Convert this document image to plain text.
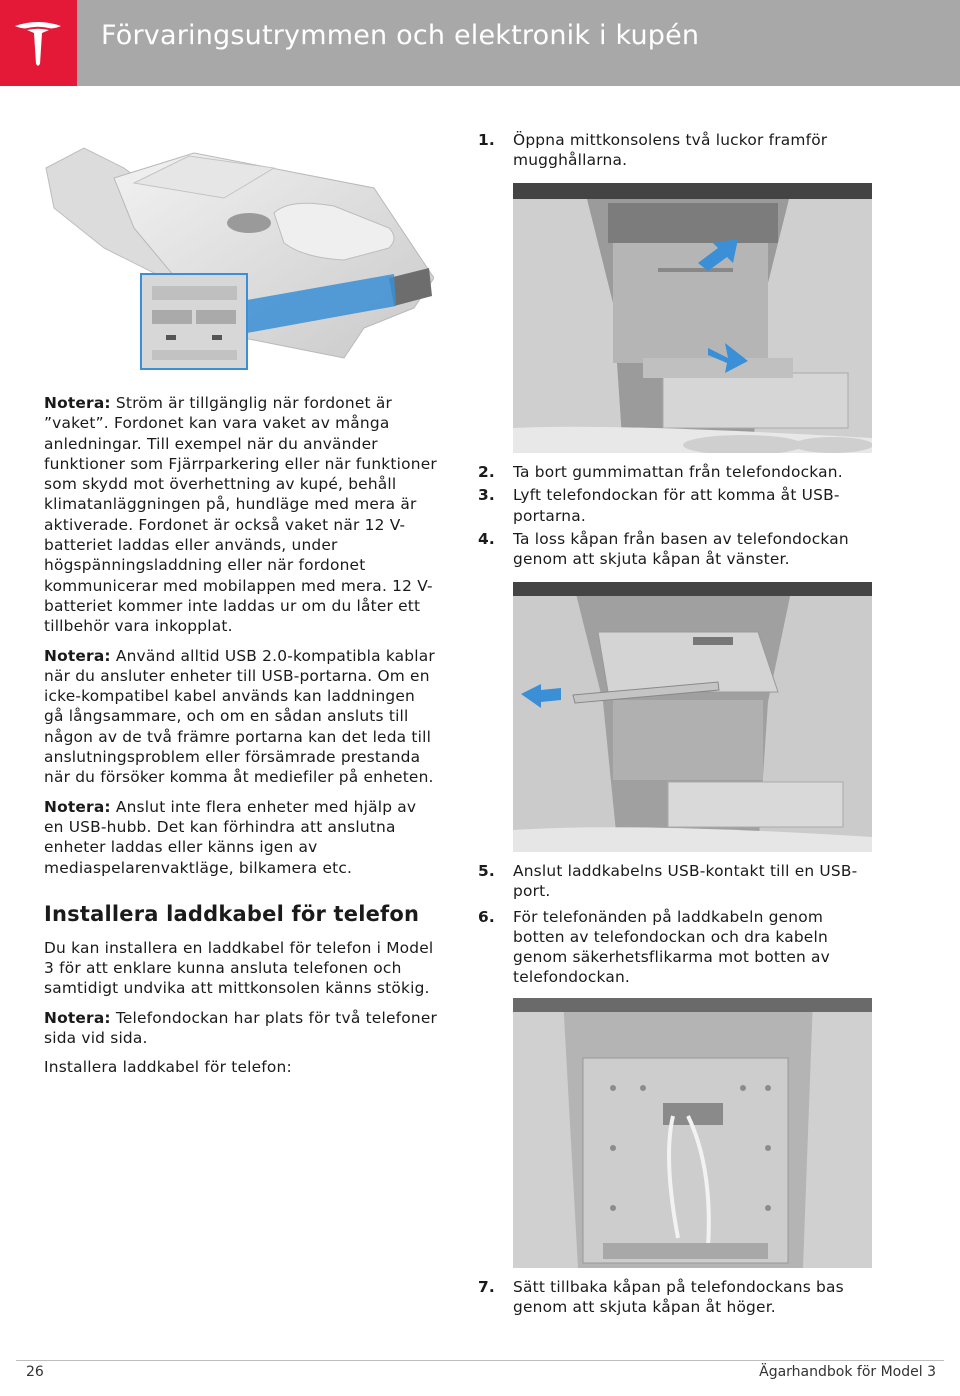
Förvaringsutrymmen och elektronik i kupén

Notera: Ström är tillgänglig när fordonet är ”vaket”. Fordonet kan vara vaket av många anledningar. Till exempel när du använder funktioner som Fjärrparkering eller när funktioner som skydd mot överhettning av kupé, behåll klimatanläggningen på, hundläge med mera är aktiverade. Fordonet är också vaket när 12 V-batteriet laddas eller används, under högspänningsladdning eller när fordonet kommunicerar med mobilappen med mera. 12 V-batteriet kommer inte laddas ur om du låter ett tillbehör vara inkopplat.

Notera: Använd alltid USB 2.0-kompatibla kablar när du ansluter enheter till USB-portarna. Om en icke-kompatibel kabel används kan laddningen gå långsammare, och om en sådan ansluts till någon av de två främre portarna kan det leda till anslutningsproblem eller försämrade prestanda när du försöker komma åt mediefiler på enheten.

Notera: Anslut inte flera enheter med hjälp av en USB-hubb. Det kan förhindra att anslutna enheter laddas eller känns igen av mediaspelarenvaktläge, bilkamera etc.

Installera laddkabel för telefon

Du kan installera en laddkabel för telefon i Model 3 för att enklare kunna ansluta telefonen och samtidigt undvika att mittkonsolen känns stökig.

Notera: Telefondockan har plats för två telefoner sida vid sida.

Installera laddkabel för telefon:

1.	Öppna mittkonsolens två luckor framför mugghållarna.
2.	Ta bort gummimattan från telefondockan.
3.	Lyft telefondockan för att komma åt USB-portarna.
4.	Ta loss kåpan från basen av telefondockan genom att skjuta kåpan åt vänster.
5.	Anslut laddkabelns USB-kontakt till en USB-port.
6.	För telefonänden på laddkabeln genom botten av telefondockan och dra kabeln genom säkerhetsflikarma mot botten av telefondockan.
7.	Sätt tillbaka kåpan på telefondockans bas genom att skjuta kåpan åt höger.
26	Ägarhandbok för Model 3
